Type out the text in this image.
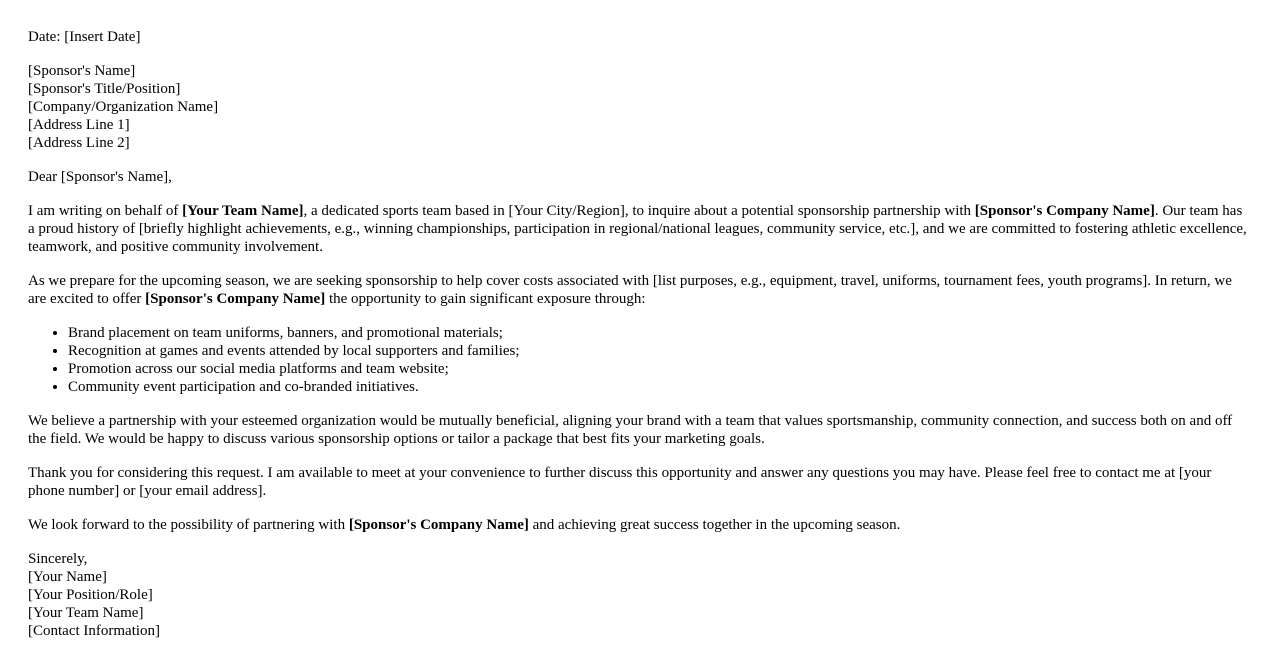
Date: [Insert Date]

[Sponsor's Name]
[Sponsor's Title/Position]
[Company/Organization Name]
[Address Line 1]
[Address Line 2]

Dear [Sponsor's Name],

I am writing on behalf of [Your Team Name], a dedicated sports team based in [Your City/Region], to inquire about a potential sponsorship partnership with [Sponsor's Company Name]. Our team has a proud history of [briefly highlight achievements, e.g., winning championships, participation in regional/national leagues, community service, etc.], and we are committed to fostering athletic excellence, teamwork, and positive community involvement.

As we prepare for the upcoming season, we are seeking sponsorship to help cover costs associated with [list purposes, e.g., equipment, travel, uniforms, tournament fees, youth programs]. In return, we are excited to offer [Sponsor's Company Name] the opportunity to gain significant exposure through:

• Brand placement on team uniforms, banners, and promotional materials;
• Recognition at games and events attended by local supporters and families;
• Promotion across our social media platforms and team website;
• Community event participation and co-branded initiatives.

We believe a partnership with your esteemed organization would be mutually beneficial, aligning your brand with a team that values sportsmanship, community connection, and success both on and off the field. We would be happy to discuss various sponsorship options or tailor a package that best fits your marketing goals.

Thank you for considering this request. I am available to meet at your convenience to further discuss this opportunity and answer any questions you may have. Please feel free to contact me at [your phone number] or [your email address].

We look forward to the possibility of partnering with [Sponsor's Company Name] and achieving great success together in the upcoming season.

Sincerely,
[Your Name]
[Your Position/Role]
[Your Team Name]
[Contact Information]
